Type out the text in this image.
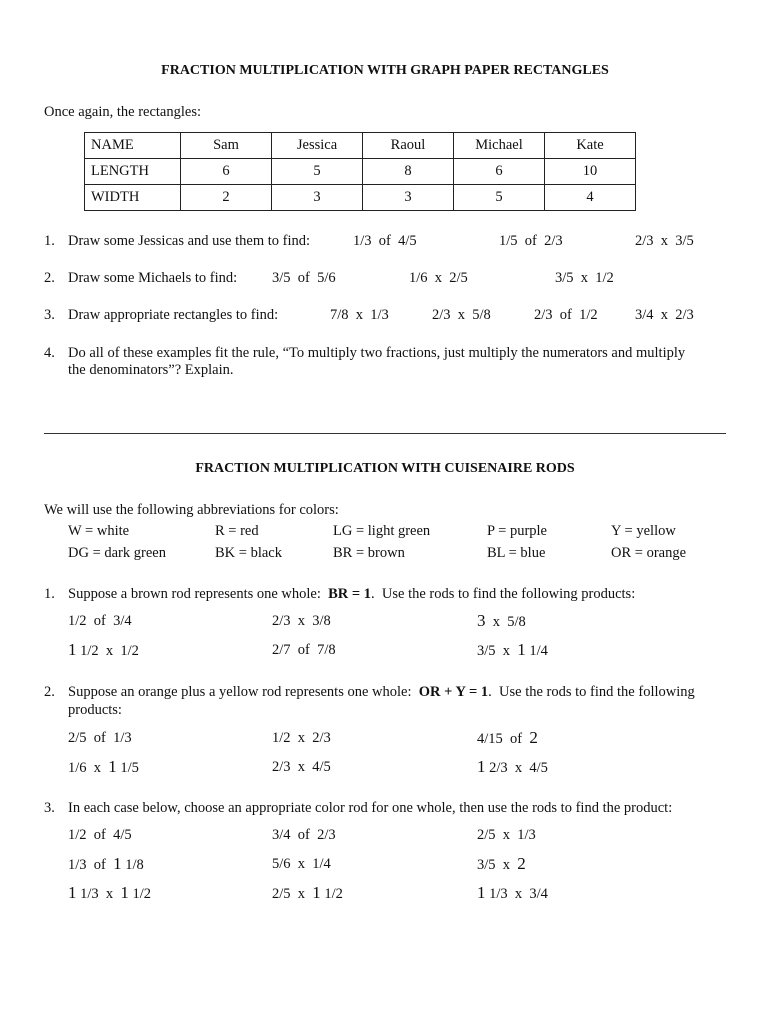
FRACTION MULTIPLICATION WITH GRAPH PAPER RECTANGLES
Once again, the rectangles:
NAME	Sam	Jessica	Raoul	Michael	Kate
LENGTH	6	5	8	6	10
WIDTH	2	3	3	5	4
1. Draw some Jessicas and use them to find:	1/3  of  4/5	1/5  of  2/3	2/3  x  3/5
2. Draw some Michaels to find: 3/5  of  5/6	1/6  x  2/5	3/5  x  1/2
3. Draw appropriate rectangles to find:	7/8  x  1/3	2/3  x  5/8	2/3  of  1/2	3/4  x  2/3
4. Do all of these examples fit the rule, “To multiply two fractions, just multiply the numerators and multiply
the denominators”? Explain.
FRACTION MULTIPLICATION WITH CUISENAIRE RODS
We will use the following abbreviations for colors:
W = white	R = red	LG = light green	P = purple	Y = yellow
DG = dark green	BK = black	BR = brown	BL = blue	OR = orange
1. Suppose a brown rod represents one whole:  BR = 1.  Use the rods to find the following products:
1/2  of  3/4	2/3  x  3/8	3  x  5/8
1 1/2  x  1/2	2/7  of  7/8	3/5  x  1 1/4
2. Suppose an orange plus a yellow rod represents one whole:  OR + Y = 1.  Use the rods to find the following
products:
2/5  of  1/3	1/2  x  2/3	4/15  of  2
1/6  x  1 1/5	2/3  x  4/5	1 2/3  x  4/5
3. In each case below, choose an appropriate color rod for one whole, then use the rods to find the product:
1/2  of  4/5	3/4  of  2/3	2/5  x  1/3
1/3  of  1 1/8	5/6  x  1/4	3/5  x  2
1 1/3  x  1 1/2	2/5  x  1 1/2	1 1/3  x  3/4
